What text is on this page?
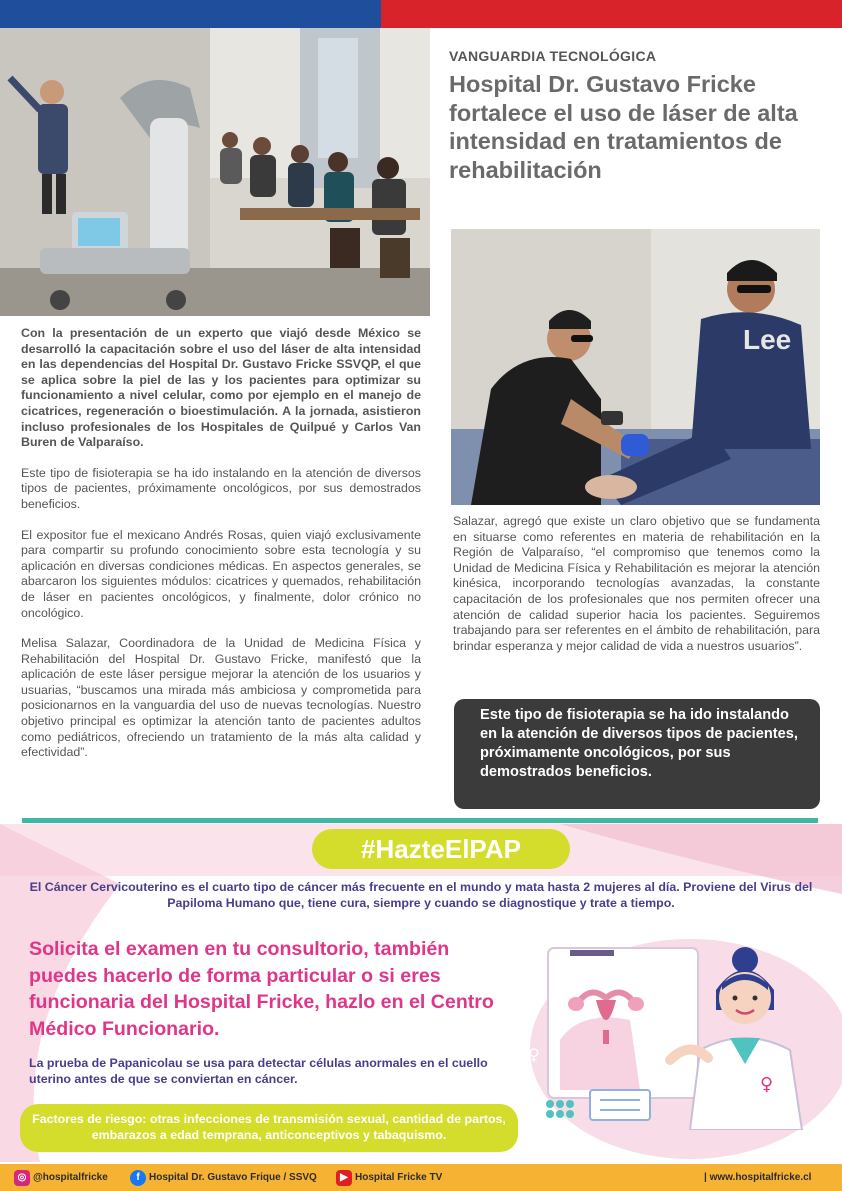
VANGUARDIA TECNOLÓGICA
Hospital Dr. Gustavo Fricke fortalece el uso de láser de alta intensidad en tratamientos de rehabilitación
Lee

Con la presentación de un experto que viajó desde México se desarrolló la capacitación sobre el uso del láser de alta intensidad en las dependencias del Hospital Dr. Gustavo Fricke SSVQP, el que se aplica sobre la piel de las y los pacientes para optimizar su funcionamiento a nivel celular, como por ejemplo en el manejo de cicatrices, regeneración o bioestimulación. A la jornada, asistieron incluso profesionales de los Hospitales de Quilpué y Carlos Van Buren de Valparaíso.

Este tipo de fisioterapia se ha ido instalando en la atención de diversos tipos de pacientes, próximamente oncológicos, por sus demostrados beneficios.

El expositor fue el mexicano Andrés Rosas, quien viajó exclusivamente para compartir su profundo conocimiento sobre esta tecnología y su aplicación en diversas condiciones médicas. En aspectos generales, se abarcaron los siguientes módulos: cicatrices y quemados, rehabilitación de láser en pacientes oncológicos, y finalmente, dolor crónico no oncológico.

Melisa Salazar, Coordinadora de la Unidad de Medicina Física y Rehabilitación del Hospital Dr. Gustavo Fricke, manifestó que la aplicación de este láser persigue mejorar la atención de los usuarios y usuarias, “buscamos una mirada más ambiciosa y comprometida para posicionarnos en la vanguardia del uso de nuevas tecnologías. Nuestro objetivo principal es optimizar la atención tanto de pacientes adultos como pediátricos, ofreciendo un tratamiento de la más alta calidad y efectividad”.

Salazar, agregó que existe un claro objetivo que se fundamenta en situarse como referentes en materia de rehabilitación en la Región de Valparaíso, “el compromiso que tenemos como la Unidad de Medicina Física y Rehabilitación es mejorar la atención kinésica, incorporando tecnologías avanzadas, la constante capacitación de los profesionales que nos permiten ofrecer una atención de calidad superior hacia los pacientes. Seguiremos trabajando para ser referentes en el ámbito de rehabilitación, para brindar esperanza y mejor calidad de vida a nuestros usuarios”.

Este tipo de fisioterapia se ha ido instalando en la atención de diversos tipos de pacientes, próximamente oncológicos, por sus demostrados beneficios.

#HazteElPAP

El Cáncer Cervicouterino es el cuarto tipo de cáncer más frecuente en el mundo y mata hasta 2 mujeres al día. Proviene del Virus del Papiloma Humano que, tiene cura, siempre y cuando se diagnostique y trate a tiempo.

Solicita el examen en tu consultorio, también puedes hacerlo de forma particular o si eres funcionaria del Hospital Fricke, hazlo en el Centro Médico Funcionario.

La prueba de Papanicolau se usa para detectar células anormales en el cuello uterino antes de que se conviertan en cáncer.

Factores de riesgo: otras infecciones de transmisión sexual, cantidad de partos, embarazos a edad temprana, anticonceptivos y tabaquismo.

♀
♀
✚
◎ @hospitalfricke	f Hospital Dr. Gustavo Frique / SSVQ	▶ Hospital Fricke TV	| www.hospitalfricke.cl
